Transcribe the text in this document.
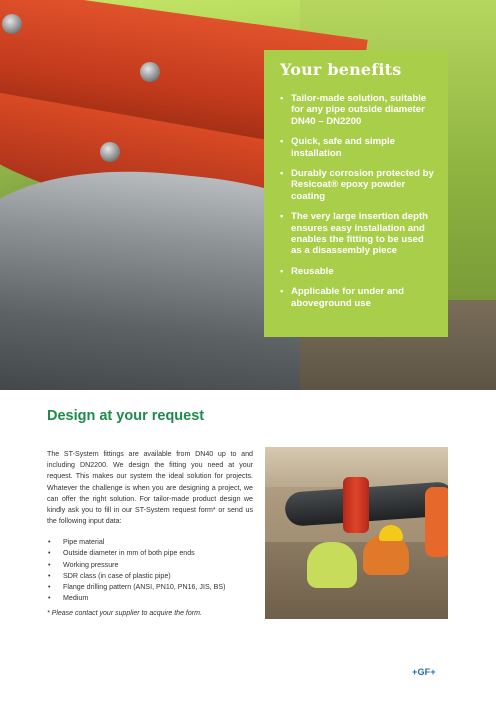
Your benefits
• Tailor-made solution, suitable for any pipe outside diameter DN40 – DN2200
• Quick, safe and simple installation
• Durably corrosion protected by Resicoat® epoxy powder coating
• The very large insertion depth ensures easy installation and enables the fitting to be used as a disassembly piece
• Reusable
• Applicable for under and aboveground use
Design at your request

The ST-System fittings are available from DN40 up to and including DN2200. We design the fitting you need at your request. This makes our system the ideal solution for projects. Whatever the challenge is when you are designing a project, we can offer the right solution. For tailor-made product design we kindly ask you to fill in our ST-System request form* or send us the following input data:

• Pipe material
• Outside diameter in mm of both pipe ends
• Working pressure
• SDR class (in case of plastic pipe)
• Flange drilling pattern (ANSI, PN10, PN16, JIS, BS)
• Medium

* Please contact your supplier to acquire the form.

+GF+
